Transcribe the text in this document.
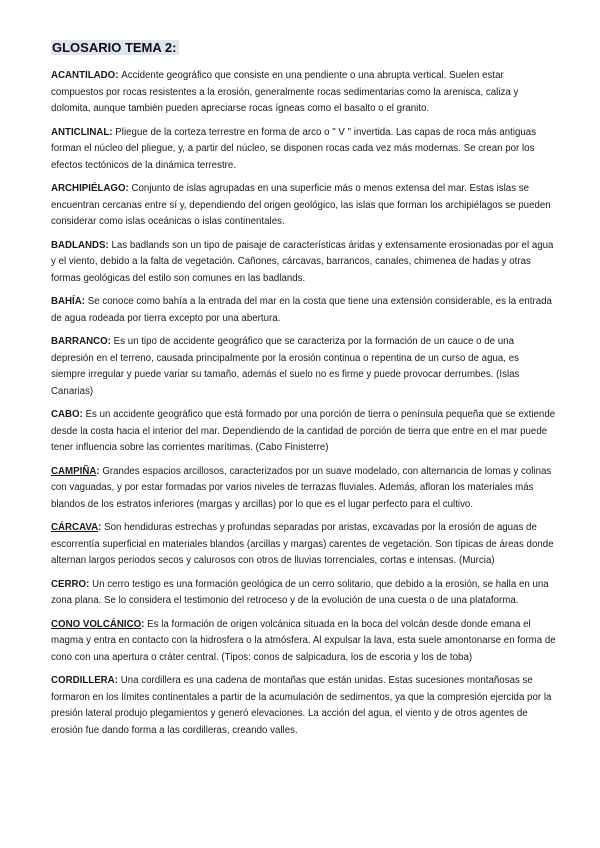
GLOSARIO TEMA 2:

ACANTILADO: Accidente geográfico que consiste en una pendiente o una abrupta vertical. Suelen estar compuestos por rocas resistentes a la erosión, generalmente rocas sedimentarias como la arenisca, caliza y dolomita, aunque también pueden apreciarse rocas ígneas como el basalto o el granito.

ANTICLINAL: Pliegue de la corteza terrestre en forma de arco o " V " invertida. Las capas de roca más antiguas forman el núcleo del pliegue, y, a partir del núcleo, se disponen rocas cada vez más modernas. Se crean por los efectos tectónicos de la dinámica terrestre.

ARCHIPIÉLAGO: Conjunto de islas agrupadas en una superficie más o menos extensa del mar. Estas islas se encuentran cercanas entre sí y, dependiendo del origen geológico, las islas que forman los archipiélagos se pueden considerar como islas oceánicas o islas continentales.

BADLANDS: Las badlands son un tipo de paisaje de características áridas y extensamente erosionadas por el agua y el viento, debido a la falta de vegetación. Cañones, cárcavas, barrancos, canales, chimenea de hadas y otras formas geológicas del estilo son comunes en las badlands.

BAHÍA: Se conoce como bahía a la entrada del mar en la costa que tiene una extensión considerable, es la entrada de agua rodeada por tierra excepto por una abertura.

BARRANCO: Es un tipo de accidente geográfico que se caracteriza por la formación de un cauce o de una depresión en el terreno, causada principalmente por la erosión continua o repentina de un curso de agua, es siempre irregular y puede variar su tamaño, además el suelo no es firme y puede provocar derrumbes. (Islas Canarias)

CABO: Es un accidente geográfico que está formado por una porción de tierra o península pequeña que se extiende desde la costa hacia el interior del mar. Dependiendo de la cantidad de porción de tierra que entre en el mar puede tener influencia sobre las corrientes marítimas. (Cabo Finisterre)

CAMPIÑA: Grandes espacios arcillosos, caracterizados por un suave modelado, con alternancia de lomas y colinas con vaguadas, y por estar formadas por varios niveles de terrazas fluviales. Además, afloran los materiales más blandos de los estratos inferiores (margas y arcillas) por lo que es el lugar perfecto para el cultivo.

CÁRCAVA: Son hendiduras estrechas y profundas separadas por aristas, excavadas por la erosión de aguas de escorrentía superficial en materiales blandos (arcillas y margas) carentes de vegetación. Son típicas de áreas donde alternan largos periodos secos y calurosos con otros de lluvias torrenciales, cortas e intensas. (Murcia)

CERRO: Un cerro testigo es una formación geológica de un cerro solitario, que debido a la erosión, se halla en una zona plana. Se lo considera el testimonio del retroceso y de la evolución de una cuesta o de una plataforma.

CONO VOLCÁNICO: Es la formación de origen volcánica situada en la boca del volcán desde donde emana el magma y entra en contacto con la hidrosfera o la atmósfera. Al expulsar la lava, esta suele amontonarse en forma de cono con una apertura o cráter central. (Tipos: conos de salpicadura, los de escoria y los de toba)

CORDILLERA: Una cordillera es una cadena de montañas que están unidas. Estas sucesiones montañosas se formaron en los límites continentales a partir de la acumulación de sedimentos, ya que la compresión ejercida por la presión lateral produjo plegamientos y generó elevaciones. La acción del agua, el viento y de otros agentes de erosión fue dando forma a las cordilleras, creando valles.
